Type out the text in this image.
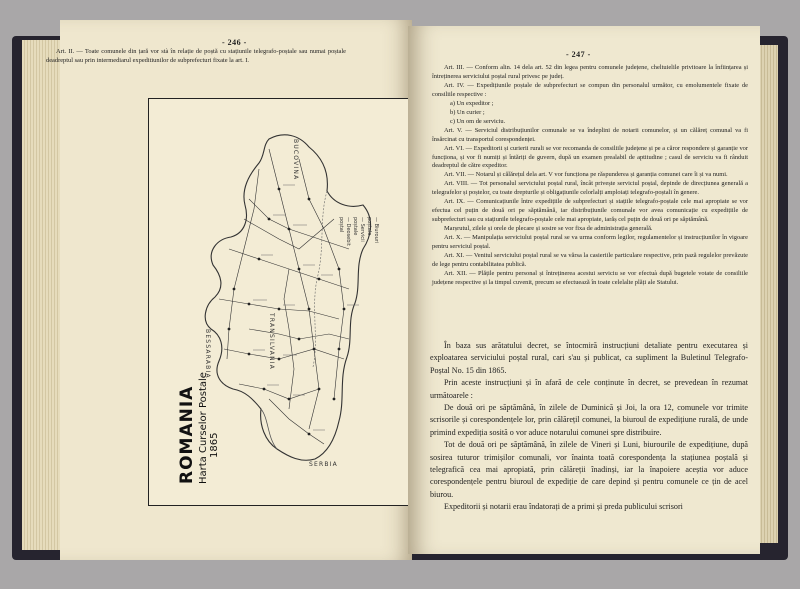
- 246 -

Art. II. — Toate comunele din țară vor stà în relație de poștă cu stațiunile telegrafo-poștale sau numai poștale deadreptul sau prin intermediarul expeditiunilor de subprefecturi fixate la art. I.

BUCOVINA
BESSARABIA	TRANSILVANIA
SERBIA
— Biurouri poștale
— Servicii poștale
— Deosebit poștal
ROMANIA Harta Curselor Postale 1865
- 247 -

Art. III. — Conform alin. 14 dela art. 52 din legea pentru comunele județene, cheltuielile privitoare la înființarea și întreținerea serviciului poștal rural privesc pe județ.

Art. IV. — Expedițiunile poștale de subprefecturi se compun din personalul următor, cu emolumentele fixate de consiliile respective :

a) Un expeditor ;

b) Un curier ;

c) Un om de serviciu.

Art. V. — Serviciul distribuțiunilor comunale se va îndeplini de notarii comunelor, și un călăreț comunal va fi însărcinat cu transportul corespondenței.

Art. VI. — Expeditorii și curierii rurali se vor recomanda de consiliile județene și pe a căror respondere și garanție vor funcționa, și vor fi numiți și întăriți de guvern, după un examen prealabil de aptitudine ; casul de serviciu va fi rânduit deadreptul de către expeditor.

Art. VII. — Notarul și călărețul dela art. V vor funcționa pe răspunderea și garanția comunei care îi și va numi.

Art. VIII. — Tot personalul serviciului poștal rural, încât privește serviciul poștal, depinde de direcțiunea generală a telegrafelor și poștelor, cu toate drepturile și obligațiunile celorlalți amploiați telegrafo-poștali în genere.

Art. IX. — Comunicațiunile între expedițiile de subprefecturi și stațiile telegrafo-poștale cele mai apropiate se vor efectua cel puțin de două ori pe săptămână, iar distribuțiunile comunale vor avea comunicație cu expedițiile de subprefecturi sau cu stațiunile telegrafo-poștale cele mai apropiate, iarăș cel puțin de două ori pe săptămână.

Marșrutul, zilele și orele de plecare și sosire se vor fixa de administrația generală.

Art. X. — Manipulația serviciului poștal rural se va urma conform legilor, regulamentelor și instrucțiunilor în vigoare pentru serviciul poștal.

Art. XI. — Venitul serviciului poștal rural se va vărsa la casieriile particulare respective, prin pază regulelor prevăzute de lege pentru contabilitatea publică.

Art. XII. — Plățile pentru personal și întreținerea acestui serviciu se vor efectuà după bugetele votate de consiliile județene respective și la timpul cuvenit, precum se efectuează în toate celelalte plăți ale Statului.

În baza sus arătatului decret, se întocmiră instrucțiuni detaliate pentru executarea și exploatarea serviciului poștal rural, cari s'au și publicat, ca supliment la Buletinul Telegrafo-Poștal No. 15 din 1865.

Prin aceste instrucțiuni și în afară de cele conținute în decret, se prevedean în rezumat următoarele :

De două ori pe săptămână, în zilele de Duminică și Joi, la ora 12, comunele vor trimite scrisorile și corespondențele lor, prin călărețil comunei, la biuroul de expedițiune rurală, de unde primind expediția sosită o vor aduce notarului comunei spre distribuire.

Tot de două ori pe săptămână, în zilele de Vineri și Luni, biurourile de expedițiune, după sosirea tuturor trimișilor comunali, vor înainta toată corespondența la stațiunea poștală și telegrafică cea mai apropiată, prin călăreții înadinși, iar la înapoiere aceștia vor aduce corespondențele pentru biuroul de expediție de care depind și pentru comunele ce țin de acel biurou.

Expeditorii și notarii erau îndatorați de a primi și preda publicului scrisori
